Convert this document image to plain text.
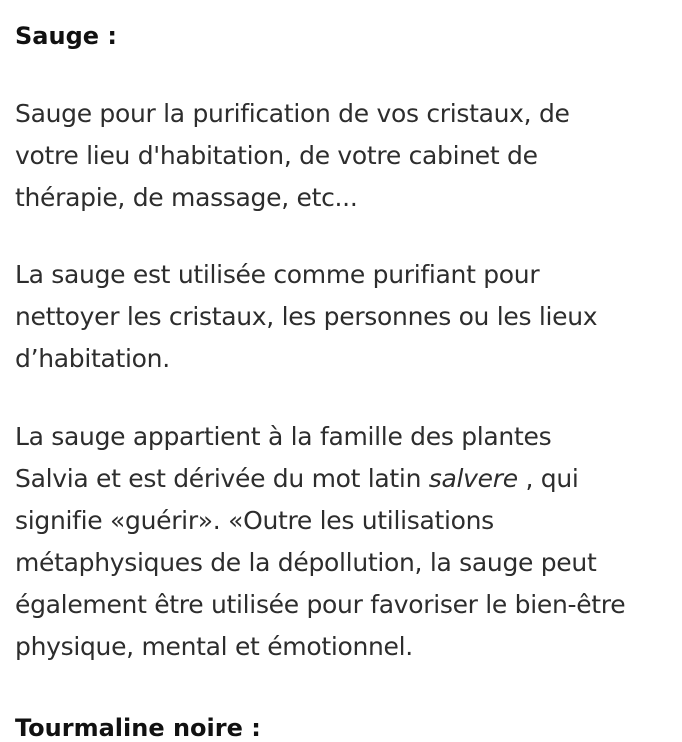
Sauge :

Sauge pour la purification de vos cristaux, de
votre lieu d'habitation, de votre cabinet de
thérapie, de massage, etc...

La sauge est utilisée comme purifiant pour
nettoyer les cristaux, les personnes ou les lieux
d’habitation.

La sauge appartient à la famille des plantes
Salvia et est dérivée du mot latin salvere , qui
signifie «guérir». «Outre les utilisations
métaphysiques de la dépollution, la sauge peut
également être utilisée pour favoriser le bien-être
physique, mental et émotionnel.

Tourmaline noire :
